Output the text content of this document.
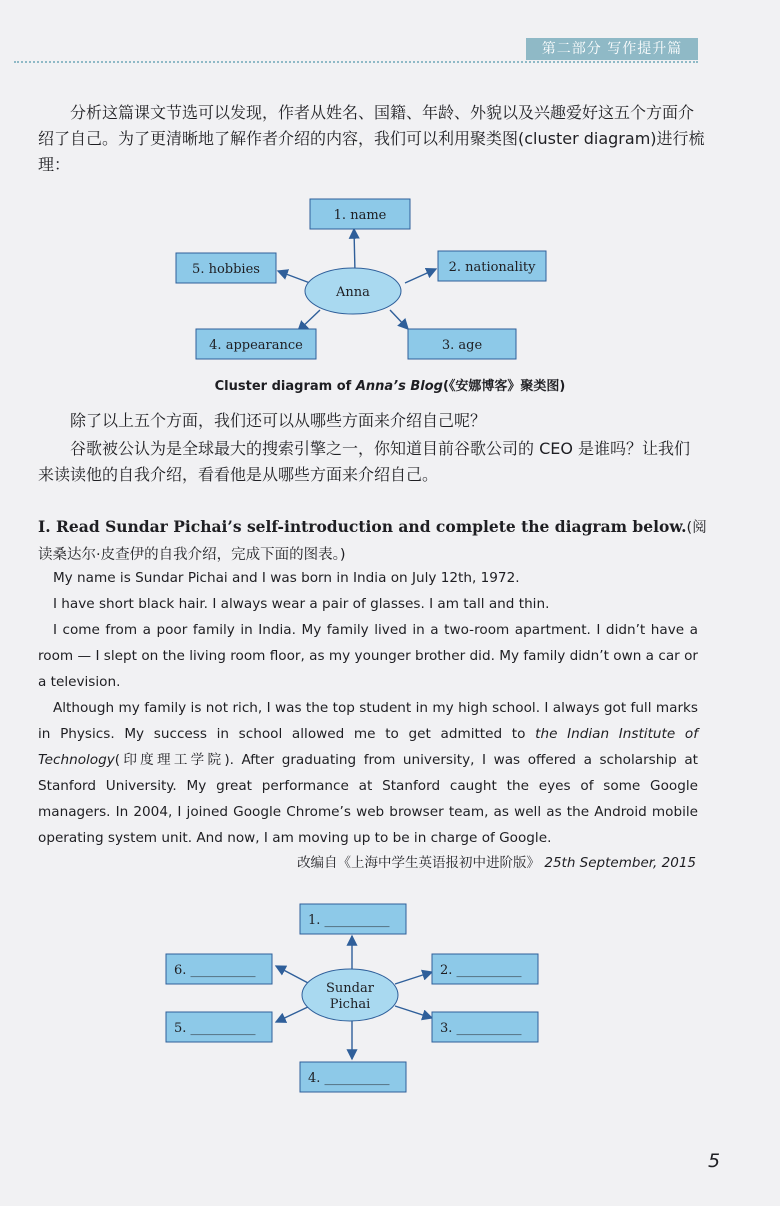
第二部分 写作提升篇

分析这篇课文节选可以发现，作者从姓名、国籍、年龄、外貌以及兴趣爱好这五个方面介绍了自己。为了更清晰地了解作者介绍的内容，我们可以利用聚类图(cluster diagram)进行梳理：

Anna
1. name
2. nationality
3. age
4. appearance
5. hobbies
Cluster diagram of Anna’s Blog(《安娜博客》聚类图)

除了以上五个方面，我们还可以从哪些方面来介绍自己呢？

谷歌被公认为是全球最大的搜索引擎之一，你知道目前谷歌公司的 CEO 是谁吗？让我们来读读他的自我介绍，看看他是从哪些方面来介绍自己。

I. Read Sundar Pichai’s self-introduction and complete the diagram below.(阅读桑达尔·皮查伊的自我介绍，完成下面的图表。)

My name is Sundar Pichai and I was born in India on July 12th, 1972.

I have short black hair. I always wear a pair of glasses. I am tall and thin.

I come from a poor family in India. My family lived in a two-room apartment. I didn’t have a room — I slept on the living room floor, as my younger brother did. My family didn’t own a car or a television.

Although my family is not rich, I was the top student in my high school. I always got full marks in Physics. My success in school allowed me to get admitted to the Indian Institute of Technology(印度理工学院). After graduating from university, I was offered a scholarship at Stanford University. My great performance at Stanford caught the eyes of some Google managers. In 2004, I joined Google Chrome’s web browser team, as well as the Android mobile operating system unit. And now, I am moving up to be in charge of Google.

改编自《上海中学生英语报初中进阶版》 25th September, 2015
Sundar
Pichai
1. __________
2. __________
3. __________
4. __________
5. __________
6. __________
5
